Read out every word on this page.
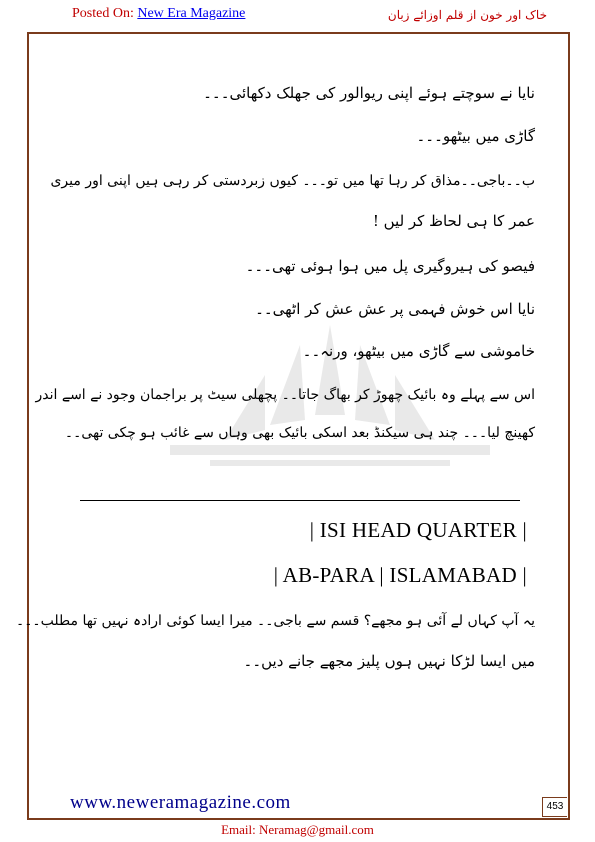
Posted On: New Era Magazine	خاک اور خون از قلم اوزائے زبان
نایا نے سوچتے ہوئے اپنی ریوالور کی جھلک دکھائی۔۔۔
گاڑی میں بیٹھو۔۔۔
ب۔۔باجی۔۔مذاق کر رہا تھا میں تو۔۔۔ کیوں زبردستی کر رہی ہیں اپنی اور میری
عمر کا ہی لحاظ کر لیں !
فیصو کی ہیروگیری پل میں ہوا ہوئی تھی۔۔۔
نایا اس خوش فہمی پر عش عش کر اٹھی۔۔
خاموشی سے گاڑی میں بیٹھو، ورنہ۔۔
اس سے پہلے وہ بائیک چھوڑ کر بھاگ جاتا۔۔ پچھلی سیٹ پر براجمان وجود نے اسے اندر
کھینچ لیا۔۔۔ چند ہی سیکنڈ بعد اسکی بائیک بھی وہاں سے غائب ہو چکی تھی۔۔
| ISI HEAD QUARTER |
| AB-PARA | ISLAMABAD |
یہ آپ کہاں لے آئی ہو مجھے؟ قسم سے باجی۔۔ میرا ایسا کوئی ارادہ نہیں تھا مطلب۔۔۔
میں ایسا لڑکا نہیں ہوں پلیز مجھے جانے دیں۔۔
www.neweramagazine.com	453
Email: Neramag@gmail.com
